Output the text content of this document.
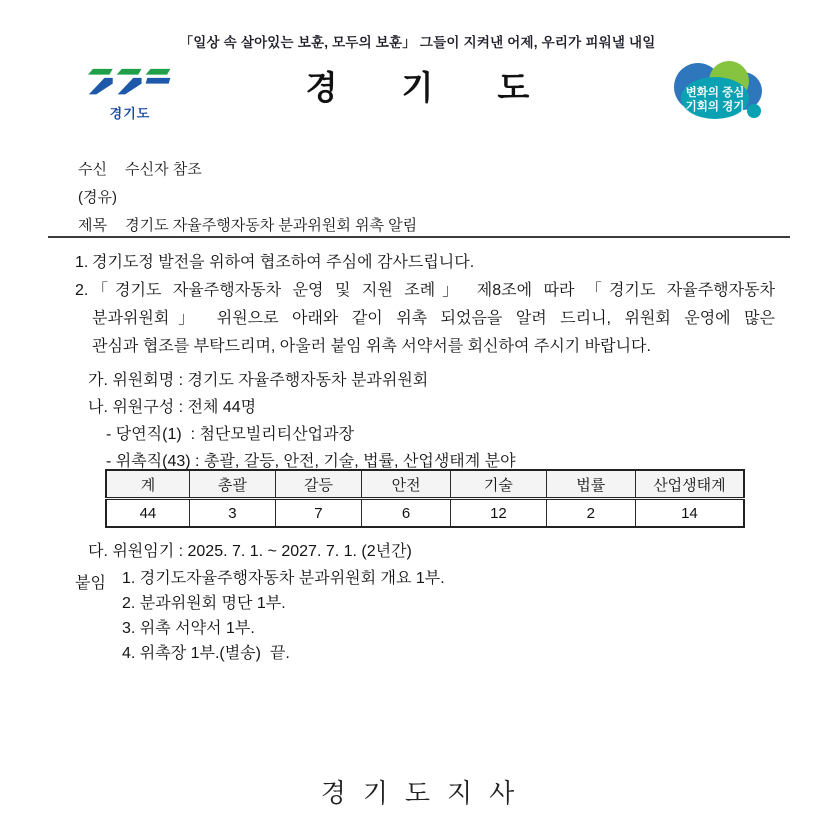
「일상 속 살아있는 보훈, 모두의 보훈」 그들이 지켜낸 어제, 우리가 피워낼 내일
경기도
경기도	변화의 중심
기회의 경기
수신 수신자 참조
(경유)
제목 경기도 자율주행자동차 분과위원회 위촉 알림
1. 경기도정 발전을 위하여 협조하여 주심에 감사드립니다.
2. 「경기도 자율주행자동차 운영 및 지원 조례」 제8조에 따라 「경기도 자율주행자동차
분과위원회」 위원으로 아래와 같이 위촉 되었음을 알려 드리니, 위원회 운영에 많은
관심과 협조를 부탁드리며, 아울러 붙임 위촉 서약서를 회신하여 주시기 바랍니다.
가. 위원회명 : 경기도 자율주행자동차 분과위원회
나. 위원구성 : 전체 44명
- 당연직(1)  : 첨단모빌리티산업과장
- 위촉직(43) : 총괄, 갈등, 안전, 기술, 법률, 산업생태계 분야
계	총괄	갈등	안전	기술	법률	산업생태계
44	3	7	6	12	2	14
다. 위원임기 : 2025. 7. 1. ~ 2027. 7. 1. (2년간)
붙임	1. 경기도자율주행자동차 분과위원회 개요 1부.
2. 분과위원회 명단 1부.
3. 위촉 서약서 1부.
4. 위촉장 1부.(별송)  끝.
경기도지사
